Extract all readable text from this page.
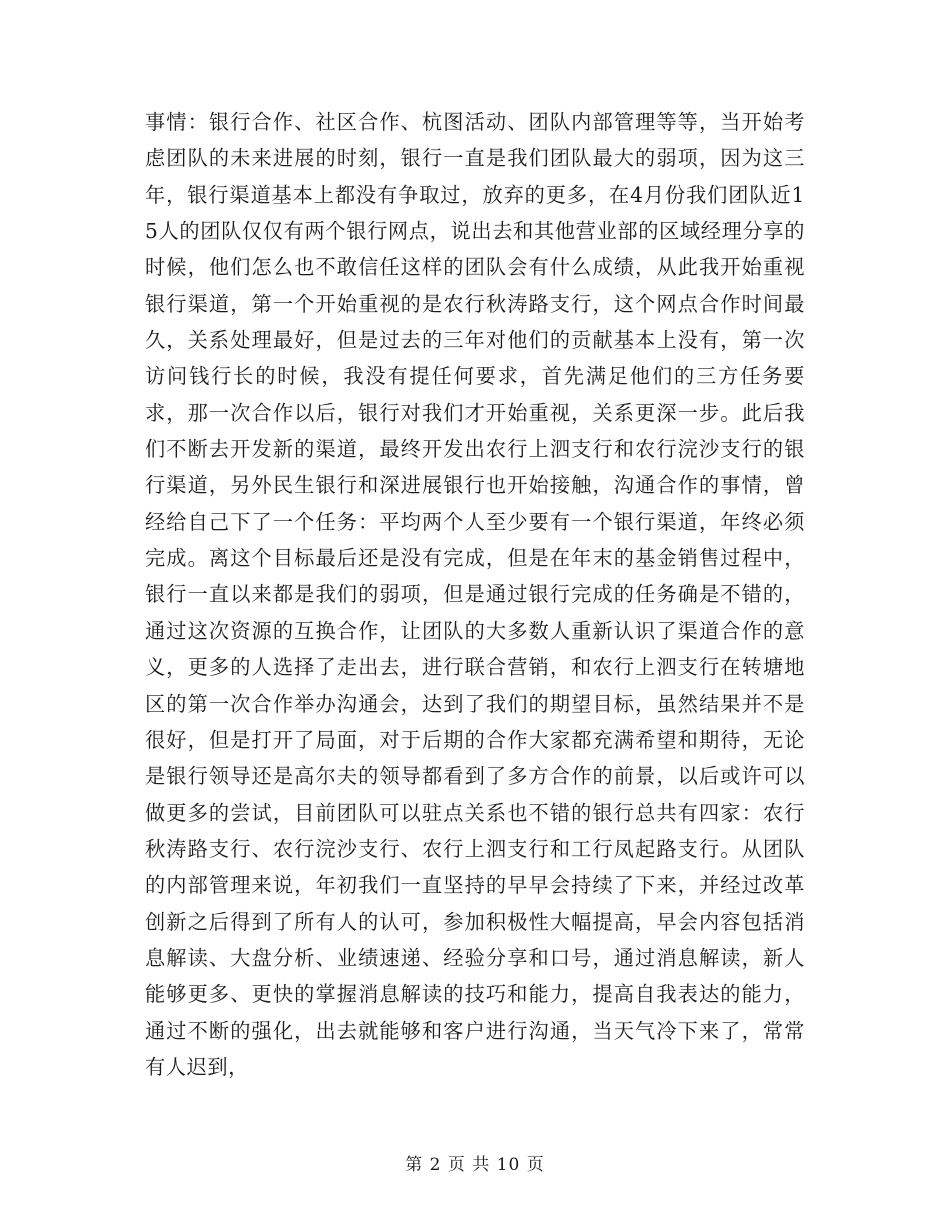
事情：银行合作、社区合作、杭图活动、团队内部管理等等，当开始考虑团队的未来进展的时刻，银行一直是我们团队最大的弱项，因为这三年，银行渠道基本上都没有争取过，放弃的更多，在4月份我们团队近15人的团队仅仅有两个银行网点，说出去和其他营业部的区域经理分享的时候，他们怎么也不敢信任这样的团队会有什么成绩，从此我开始重视银行渠道，第一个开始重视的是农行秋涛路支行，这个网点合作时间最久，关系处理最好，但是过去的三年对他们的贡献基本上没有，第一次访问钱行长的时候，我没有提任何要求，首先满足他们的三方任务要求，那一次合作以后，银行对我们才开始重视，关系更深一步。此后我们不断去开发新的渠道，最终开发出农行上泗支行和农行浣沙支行的银行渠道，另外民生银行和深进展银行也开始接触，沟通合作的事情，曾经给自己下了一个任务：平均两个人至少要有一个银行渠道，年终必须完成。离这个目标最后还是没有完成，但是在年末的基金销售过程中，银行一直以来都是我们的弱项，但是通过银行完成的任务确是不错的，通过这次资源的互换合作，让团队的大多数人重新认识了渠道合作的意义，更多的人选择了走出去，进行联合营销，和农行上泗支行在转塘地区的第一次合作举办沟通会，达到了我们的期望目标，虽然结果并不是很好，但是打开了局面，对于后期的合作大家都充满希望和期待，无论是银行领导还是高尔夫的领导都看到了多方合作的前景，以后或许可以做更多的尝试，目前团队可以驻点关系也不错的银行总共有四家：农行秋涛路支行、农行浣沙支行、农行上泗支行和工行凤起路支行。从团队的内部管理来说，年初我们一直坚持的早早会持续了下来，并经过改革创新之后得到了所有人的认可，参加积极性大幅提高，早会内容包括消息解读、大盘分析、业绩速递、经验分享和口号，通过消息解读，新人能够更多、更快的掌握消息解读的技巧和能力，提高自我表达的能力，通过不断的强化，出去就能够和客户进行沟通，当天气冷下来了，常常有人迟到，

第 2 页 共 10 页
